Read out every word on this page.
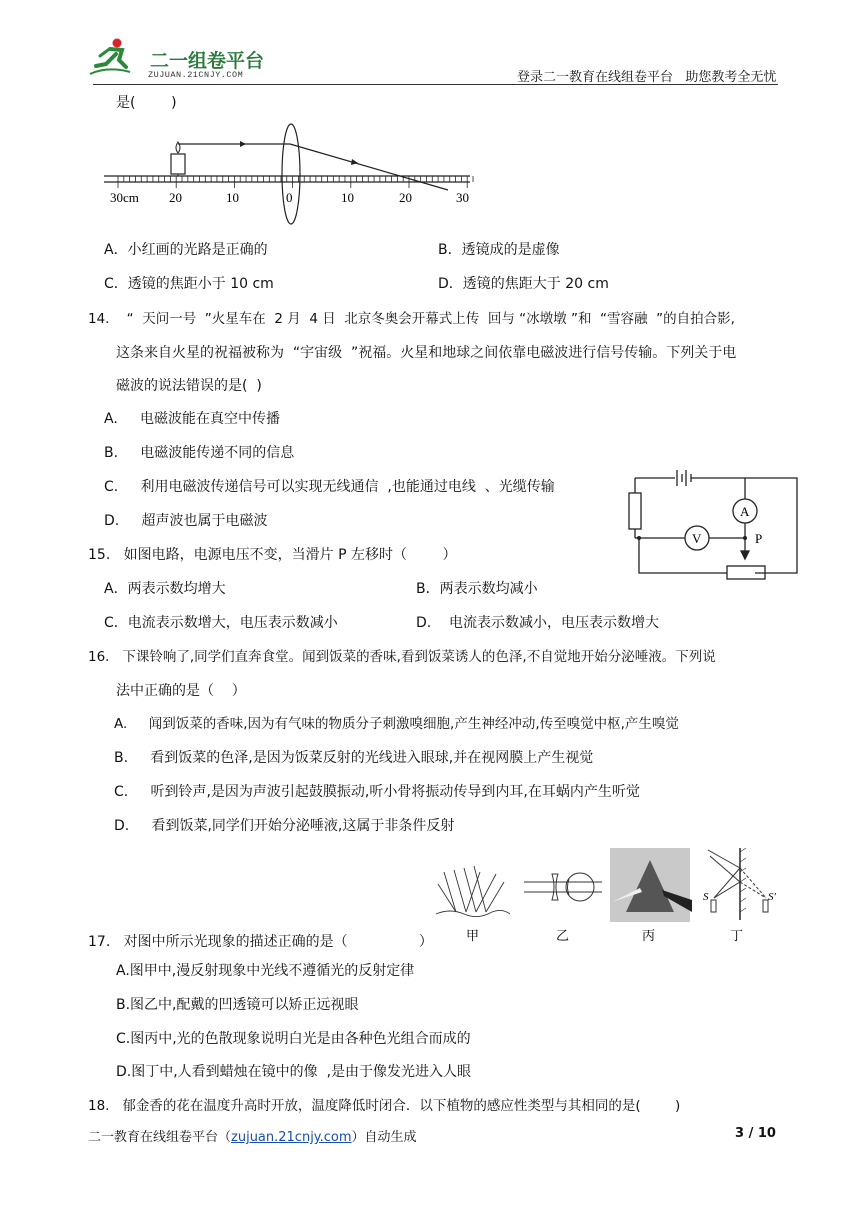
二一组卷平台
ZUJUAN.21CNJY.COM	登录二一教育在线组卷平台   助您教考全无忧
是(        )
30cm 20	10	0	10	20	30
A．小红画的光路是正确的	B．透镜成的是虚像
C．透镜的焦距小于 10 cm	D．透镜的焦距大于 20 cm
14.    “  天问一号  ”火星车在  2 月  4 日  北京冬奥会开幕式上传  回与 “冰墩墩 ”和  “雪容融  ”的自拍合影,
这条来自火星的祝福被称为  “宇宙级  ”祝福。火星和地球之间依靠电磁波进行信号传输。下列关于电
磁波的说法错误的是(  )
A.     电磁波能在真空中传播
B.     电磁波能传递不同的信息
C.     利用电磁波传递信号可以实现无线通信  ,也能通过电线  、光缆传输
D.     超声波也属于电磁波
A
V	P
15.   如图电路，电源电压不变，当滑片 P 左移时（        ）
A．两表示数均增大	B．两表示数均减小
C．电流表示数增大，电压表示数减小	D.    电流表示数减小，电压表示数增大
16.   下课铃响了,同学们直奔食堂。闻到饭菜的香味,看到饭菜诱人的色泽,不自觉地开始分泌唾液。下列说
法中正确的是（    ）
A.     闻到饭菜的香味,因为有气味的物质分子刺激嗅细胞,产生神经冲动,传至嗅觉中枢,产生嗅觉
B.     看到饭菜的色泽,是因为饭菜反射的光线进入眼球,并在视网膜上产生视觉
C.     听到铃声,是因为声波引起鼓膜振动,听小骨将振动传导到内耳,在耳蜗内产生听觉
D.     看到饭菜,同学们开始分泌唾液,这属于非条件反射
S	S′
甲	乙	丙	丁
17.   对图中所示光现象的描述正确的是（                ）
A.图甲中,漫反射现象中光线不遵循光的反射定律
B.图乙中,配戴的凹透镜可以矫正远视眼
C.图丙中,光的色散现象说明白光是由各种色光组合而成的
D.图丁中,人看到蜡烛在镜中的像  ,是由于像发光进入人眼
18.   郁金香的花在温度升高时开放，温度降低时闭合．以下植物的感应性类型与其相同的是(        )
二一教育在线组卷平台（zujuan.21cnjy.com）自动生成	3 / 10
